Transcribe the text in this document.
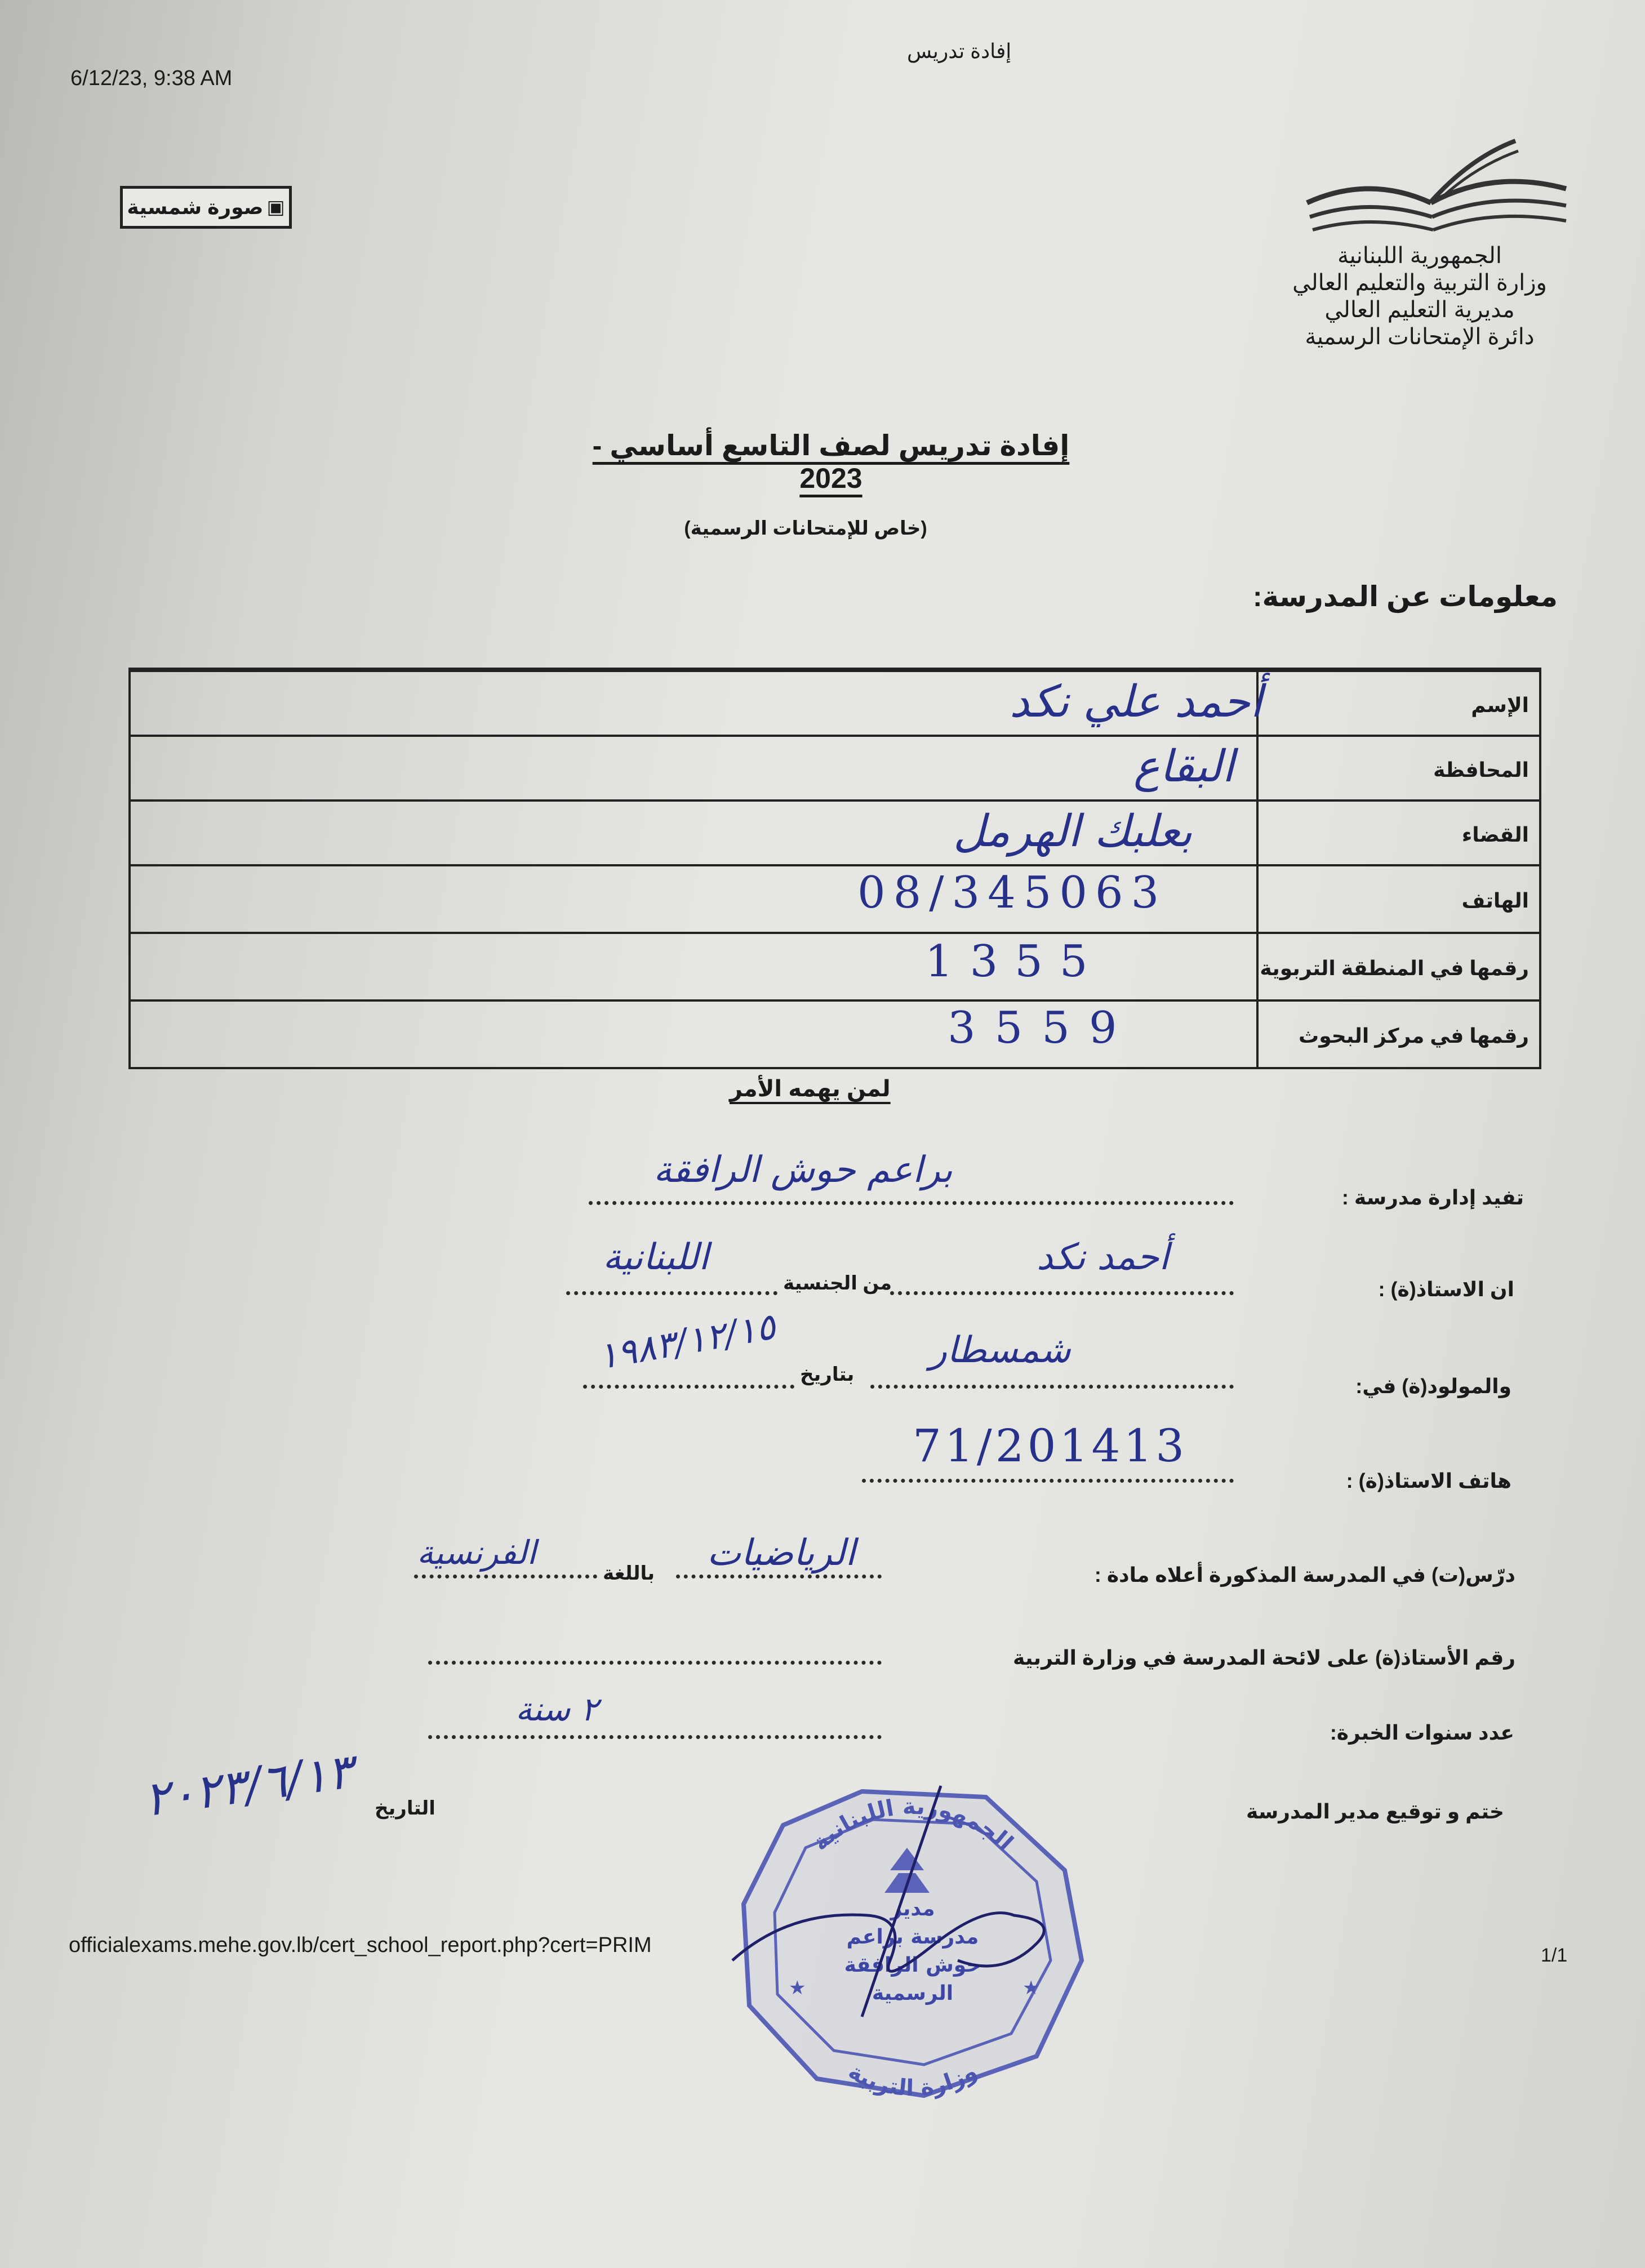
6/12/23, 9:38 AM
إفادة تدريس
▣
صورة شمسية
الجمهورية اللبنانية
وزارة التربية والتعليم العالي
مديرية التعليم العالي
دائرة الإمتحانات الرسمية
إفادة تدريس لصف التاسع أساسي - 2023
(خاص للإمتحانات الرسمية)
معلومات عن المدرسة:
الإسم
أحمد علي نكد
المحافظة
البقاع
القضاء
بعلبك الهرمل
الهاتف
08/345063
رقمها في المنطقة التربوية
1355
رقمها في مركز البحوث
3559
لمن يهمه الأمر
تفيد إدارة مدرسة :
براعم حوش الرافقة
ان الاستاذ(ة) :
أحمد نكد
من الجنسية
اللبنانية
والمولود(ة) في:
شمسطار
بتاريخ
١٩٨٣/١٢/١٥
هاتف الاستاذ(ة) :
71/201413
درّس(ت) في المدرسة المذكورة أعلاه مادة :
الرياضيات
باللغة
الفرنسية
رقم الأستاذ(ة) على لائحة المدرسة في وزارة التربية
عدد سنوات الخبرة:
٢ سنة
ختم و توقيع مدير المدرسة
التاريخ
٢٠٢٣/٦/١٣
الجمهورية اللبنانية
وزارة التربية
★	★
مدير
مدرسة براعم
حوش الرافقة
الرسمية
officialexams.mehe.gov.lb/cert_school_report.php?cert=PRIM	1/1
